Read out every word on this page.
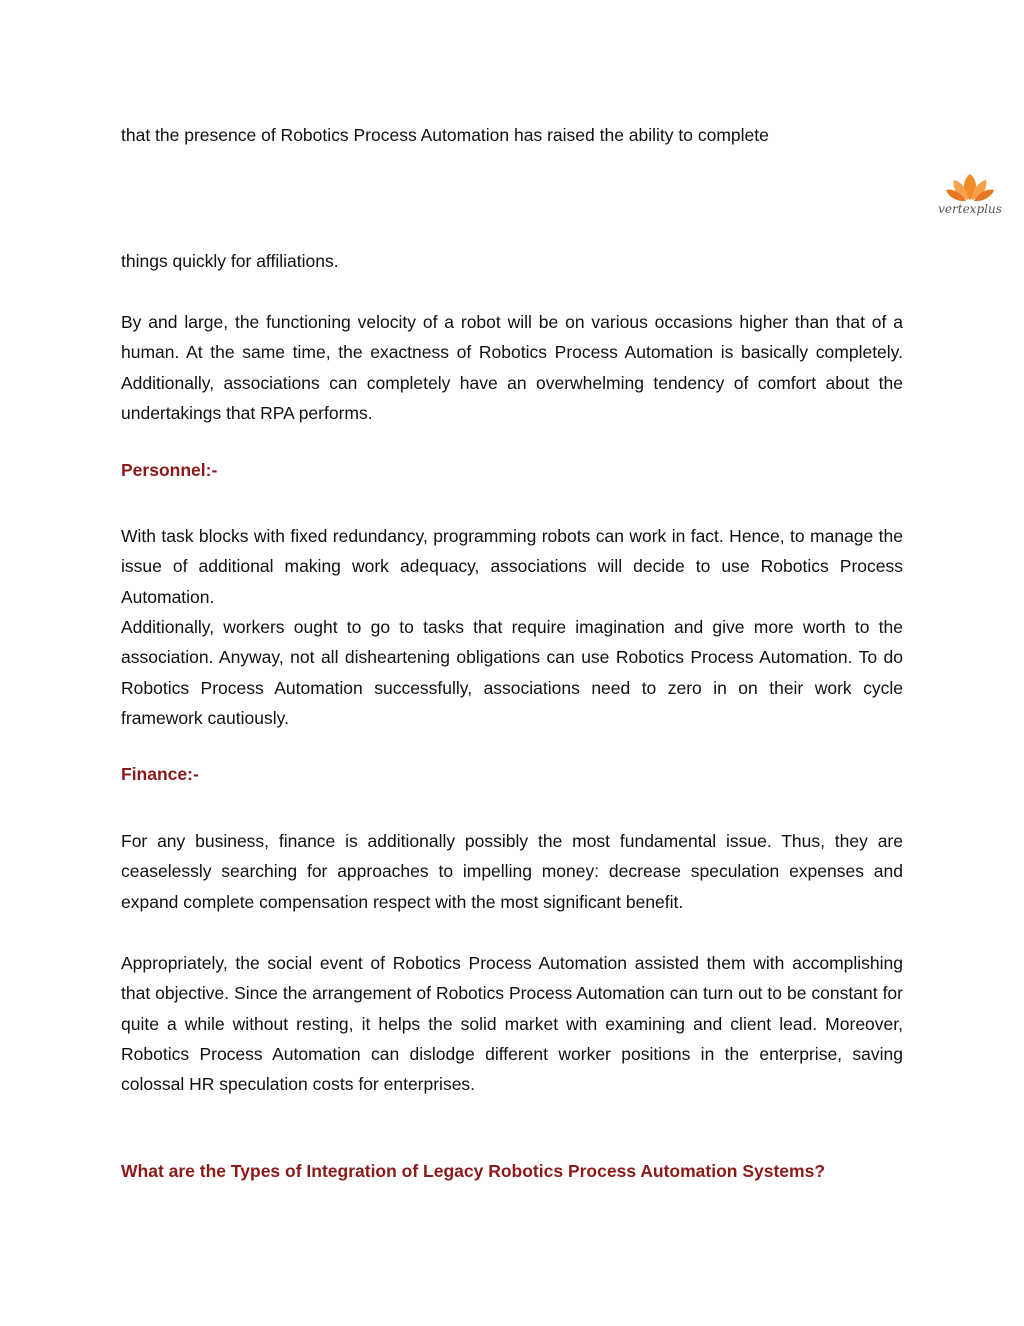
that the presence of Robotics Process Automation has raised the ability to complete

vertexplus

things quickly for affiliations.

By and large, the functioning velocity of a robot will be on various occasions higher than that of a human. At the same time, the exactness of Robotics Process Automation is basically completely. Additionally, associations can completely have an overwhelming tendency of comfort about the undertakings that RPA performs.

Personnel:-

With task blocks with fixed redundancy, programming robots can work in fact. Hence, to manage the issue of additional making work adequacy, associations will decide to use Robotics Process Automation.

Additionally, workers ought to go to tasks that require imagination and give more worth to the association. Anyway, not all disheartening obligations can use Robotics Process Automation. To do Robotics Process Automation successfully, associations need to zero in on their work cycle framework cautiously.

Finance:-

For any business, finance is additionally possibly the most fundamental issue. Thus, they are ceaselessly searching for approaches to impelling money: decrease speculation expenses and expand complete compensation respect with the most significant benefit.

Appropriately, the social event of Robotics Process Automation assisted them with accomplishing that objective. Since the arrangement of Robotics Process Automation can turn out to be constant for quite a while without resting, it helps the solid market with examining and client lead. Moreover, Robotics Process Automation can dislodge different worker positions in the enterprise, saving colossal HR speculation costs for enterprises.

What are the Types of Integration of Legacy Robotics Process Automation Systems?
